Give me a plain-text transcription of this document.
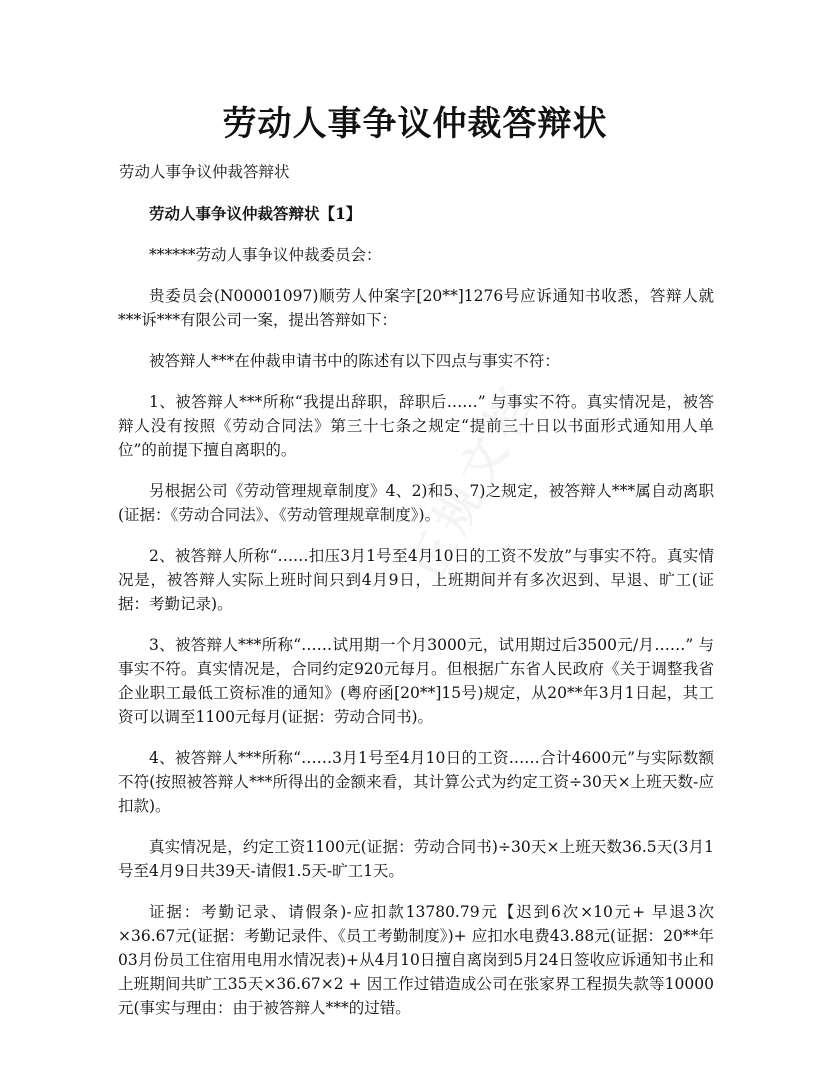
劳动人事争议仲裁答辩状

劳动人事争议仲裁答辩状

劳动人事争议仲裁答辩状【1】

******劳动人事争议仲裁委员会：

贵委员会(N00001097)顺劳人仲案字[20**]1276号应诉通知书收悉，答辩人就***诉***有限公司一案，提出答辩如下：

被答辩人***在仲裁申请书中的陈述有以下四点与事实不符：

1、被答辩人***所称“我提出辞职，辞职后……” 与事实不符。真实情况是，被答辩人没有按照《劳动合同法》第三十七条之规定“提前三十日以书面形式通知用人单位”的前提下擅自离职的。

另根据公司《劳动管理规章制度》4、2)和5、7)之规定，被答辩人***属自动离职(证据：《劳动合同法》、《劳动管理规章制度》)。

2、被答辩人所称“……扣压3月1号至4月10日的工资不发放”与事实不符。真实情况是，被答辩人实际上班时间只到4月9日，上班期间并有多次迟到、早退、旷工(证据：考勤记录)。

3、被答辩人***所称“……试用期一个月3000元，试用期过后3500元/月……” 与事实不符。真实情况是，合同约定920元每月。但根据广东省人民政府《关于调整我省企业职工最低工资标准的通知》(粤府函[20**]15号)规定，从20**年3月1日起，其工资可以调至1100元每月(证据：劳动合同书)。

4、被答辩人***所称“……3月1号至4月10日的工资……合计4600元”与实际数额不符(按照被答辩人***所得出的金额来看，其计算公式为约定工资÷30天×上班天数-应扣款)。

真实情况是，约定工资1100元(证据：劳动合同书)÷30天×上班天数36.5天(3月1号至4月9日共39天-请假1.5天-旷工1天。

证据：考勤记录、请假条)-应扣款13780.79元【迟到6次×10元+ 早退3次×36.67元(证据：考勤记录件、《员工考勤制度》)+ 应扣水电费43.88元(证据：20**年03月份员工住宿用电用水情况表)+从4月10日擅自离岗到5月24日签收应诉通知书止和上班期间共旷工35天×36.67×2 + 因工作过错造成公司在张家界工程损失款等10000元(事实与理由：由于被答辩人***的过错。
